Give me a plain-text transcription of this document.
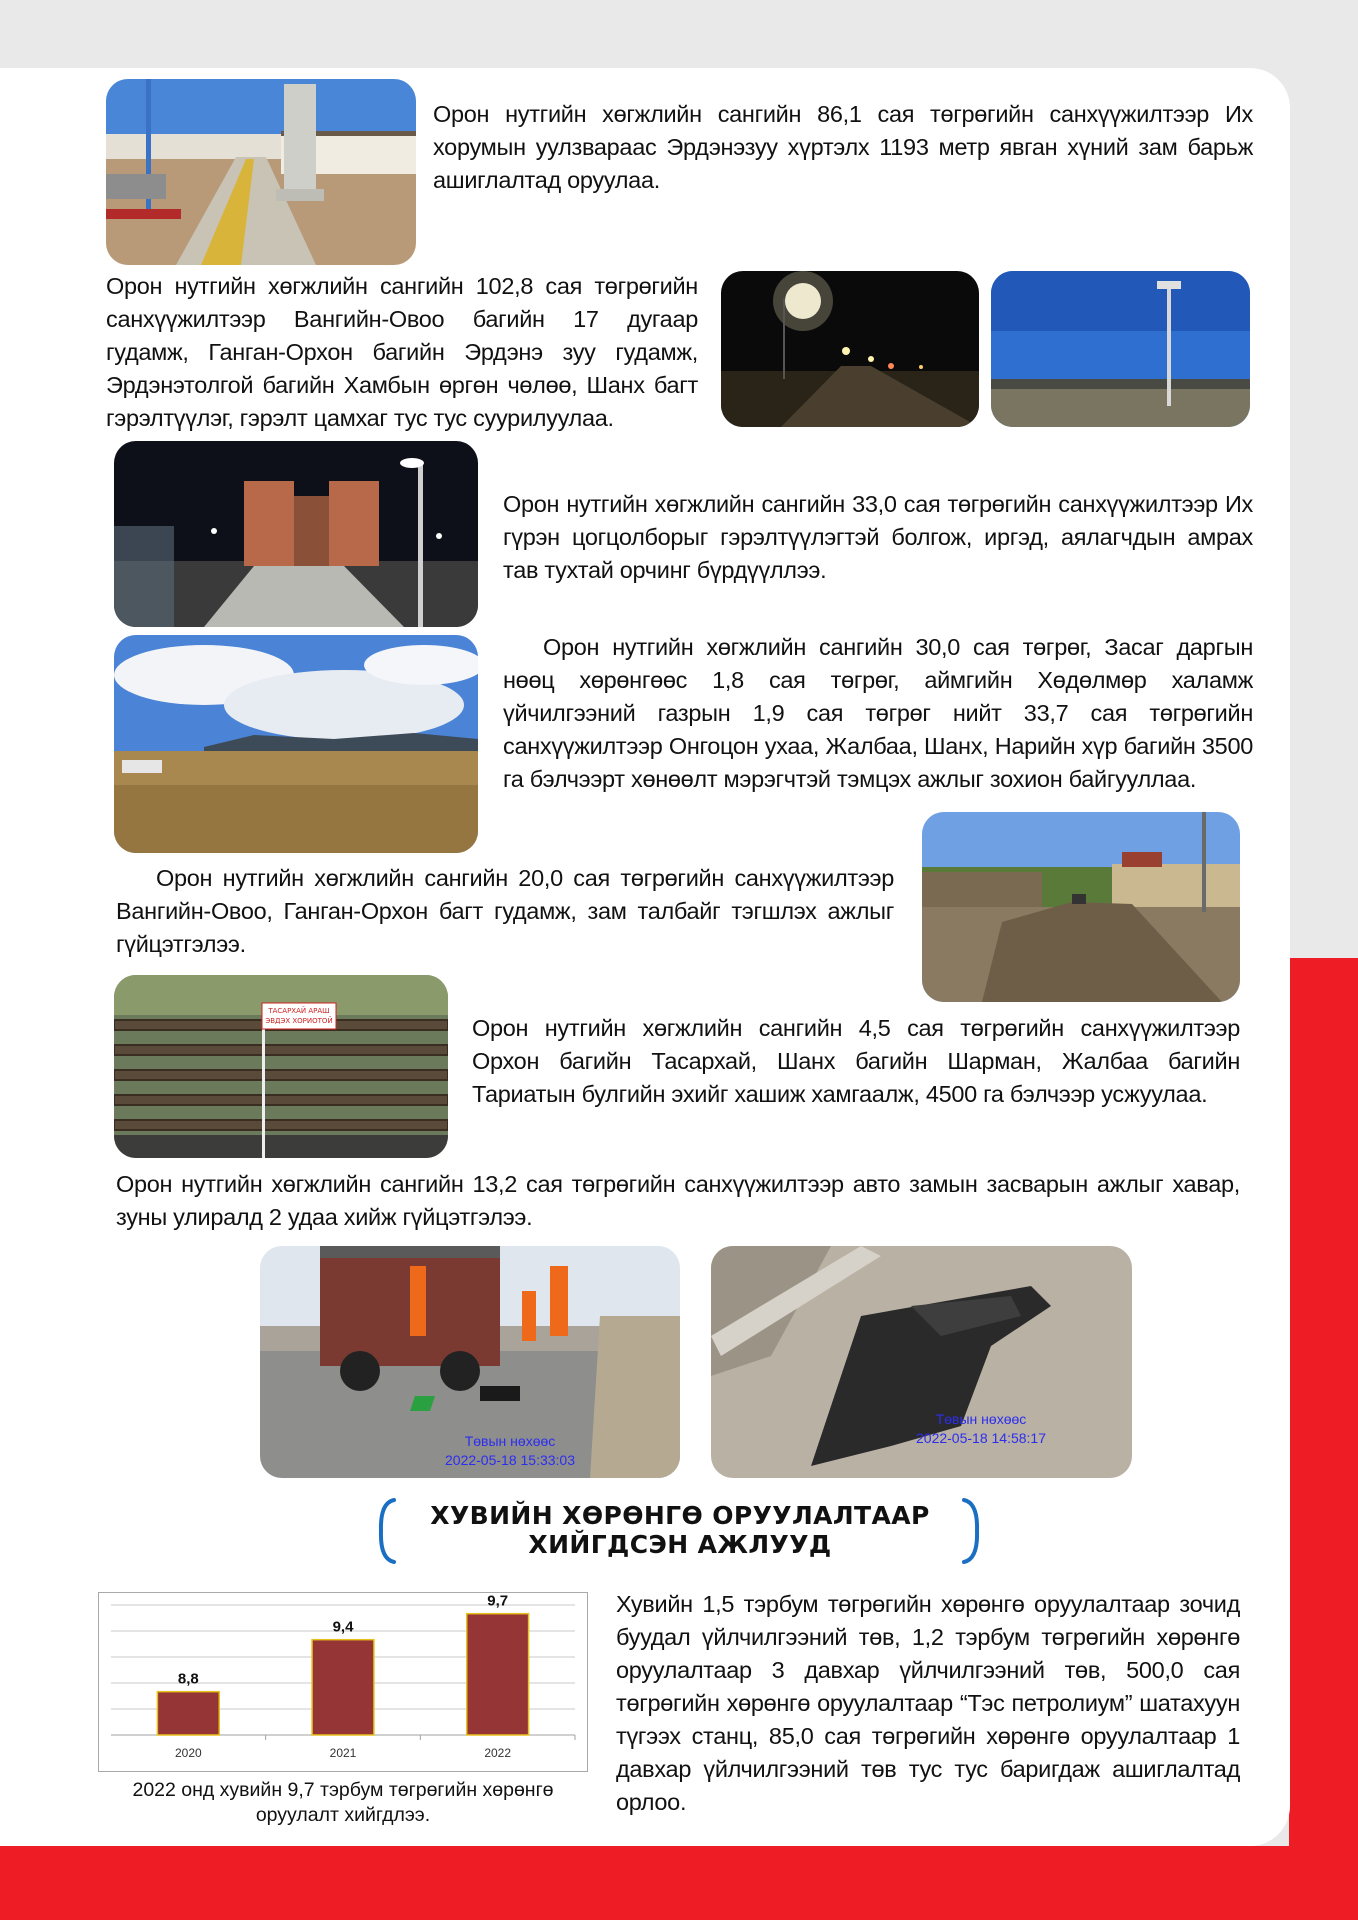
Орон нутгийн хөгжлийн сангийн 86,1 сая төгрөгийн санхүүжилтээр Их хорумын уулзвараас Эрдэнэзуу хүртэлх 1193 метр явган хүний зам барьж ашиглалтад оруулаа.
Орон нутгийн хөгжлийн сангийн 102,8 сая төгрөгийн санхүүжилтээр Вангийн-Овоо багийн 17 дугаар гудамж, Ганган-Орхон багийн Эрдэнэ зуу гудамж, Эрдэнэтолгой багийн Хамбын өргөн чөлөө, Шанх багт гэрэлтүүлэг, гэрэлт цамхаг тус тус суурилуулаа.
Орон нутгийн хөгжлийн сангийн 33,0 сая төгрөгийн санхүүжилтээр Их гүрэн цогцолборыг гэрэлтүүлэгтэй болгож, иргэд, аялагчдын амрах тав тухтай орчинг бүрдүүллээ.
Орон нутгийн хөгжлийн сангийн 30,0 сая төгрөг, Засаг даргын нөөц хөрөнгөөс 1,8 сая төгрөг, аймгийн Хөдөлмөр халамж үйчилгээний газрын 1,9 сая төгрөг нийт 33,7 сая төгрөгийн санхүүжилтээр Онгоцон ухаа, Жалбаа, Шанх, Нарийн хүр багийн 3500 га бэлчээрт хөнөөлт мэрэгчтэй тэмцэх ажлыг зохион байгууллаа.
Орон нутгийн хөгжлийн сангийн 20,0 сая төгрөгийн санхүүжилтээр Вангийн-Овоо, Ганган-Орхон багт гудамж, зам талбайг тэгшлэх ажлыг гүйцэтгэлээ.
ТАСАРХАЙ АРАШ
ЭВДЭХ ХОРИОТОЙ	Орон нутгийн хөгжлийн сангийн 4,5 сая төгрөгийн санхүүжилтээр Орхон багийн Тасархай, Шанх багийн Шарман, Жалбаа багийн Тариатын булгийн эхийг хашиж хамгаалж, 4500 га бэлчээр усжуулаа.
Орон нутгийн хөгжлийн сангийн 13,2 сая төгрөгийн санхүүжилтээр авто замын засварын ажлыг хавар, зуны улиралд 2 удаа хийж гүйцэтгэлээ.
Төвын нөхөөс
2022-05-18 15:33:03
Төвын нөхөөс
2022-05-18 14:58:17
ХУВИЙН ХӨРӨНГӨ ОРУУЛАЛТААР
ХИЙГДСЭН АЖЛУУД
8,8
2020
9,4
2021
9,7
2022
2022 онд хувийн 9,7 тэрбум төгрөгийн хөрөнгө оруулалт хийгдлээ.
Хувийн 1,5 тэрбум төгрөгийн хөрөнгө оруулалтаар зочид буудал үйлчилгээний төв, 1,2 тэрбум төгрөгийн хөрөнгө оруулалтаар 3 давхар үйлчилгээний төв, 500,0 сая төгрөгийн хөрөнгө оруулалтаар “Тэс петролиум” шатахуун түгээх станц, 85,0 сая төгрөгийн хөрөнгө оруулалтаар 1 давхар үйлчилгээний төв тус тус баригдаж ашиглалтад орлоо.
